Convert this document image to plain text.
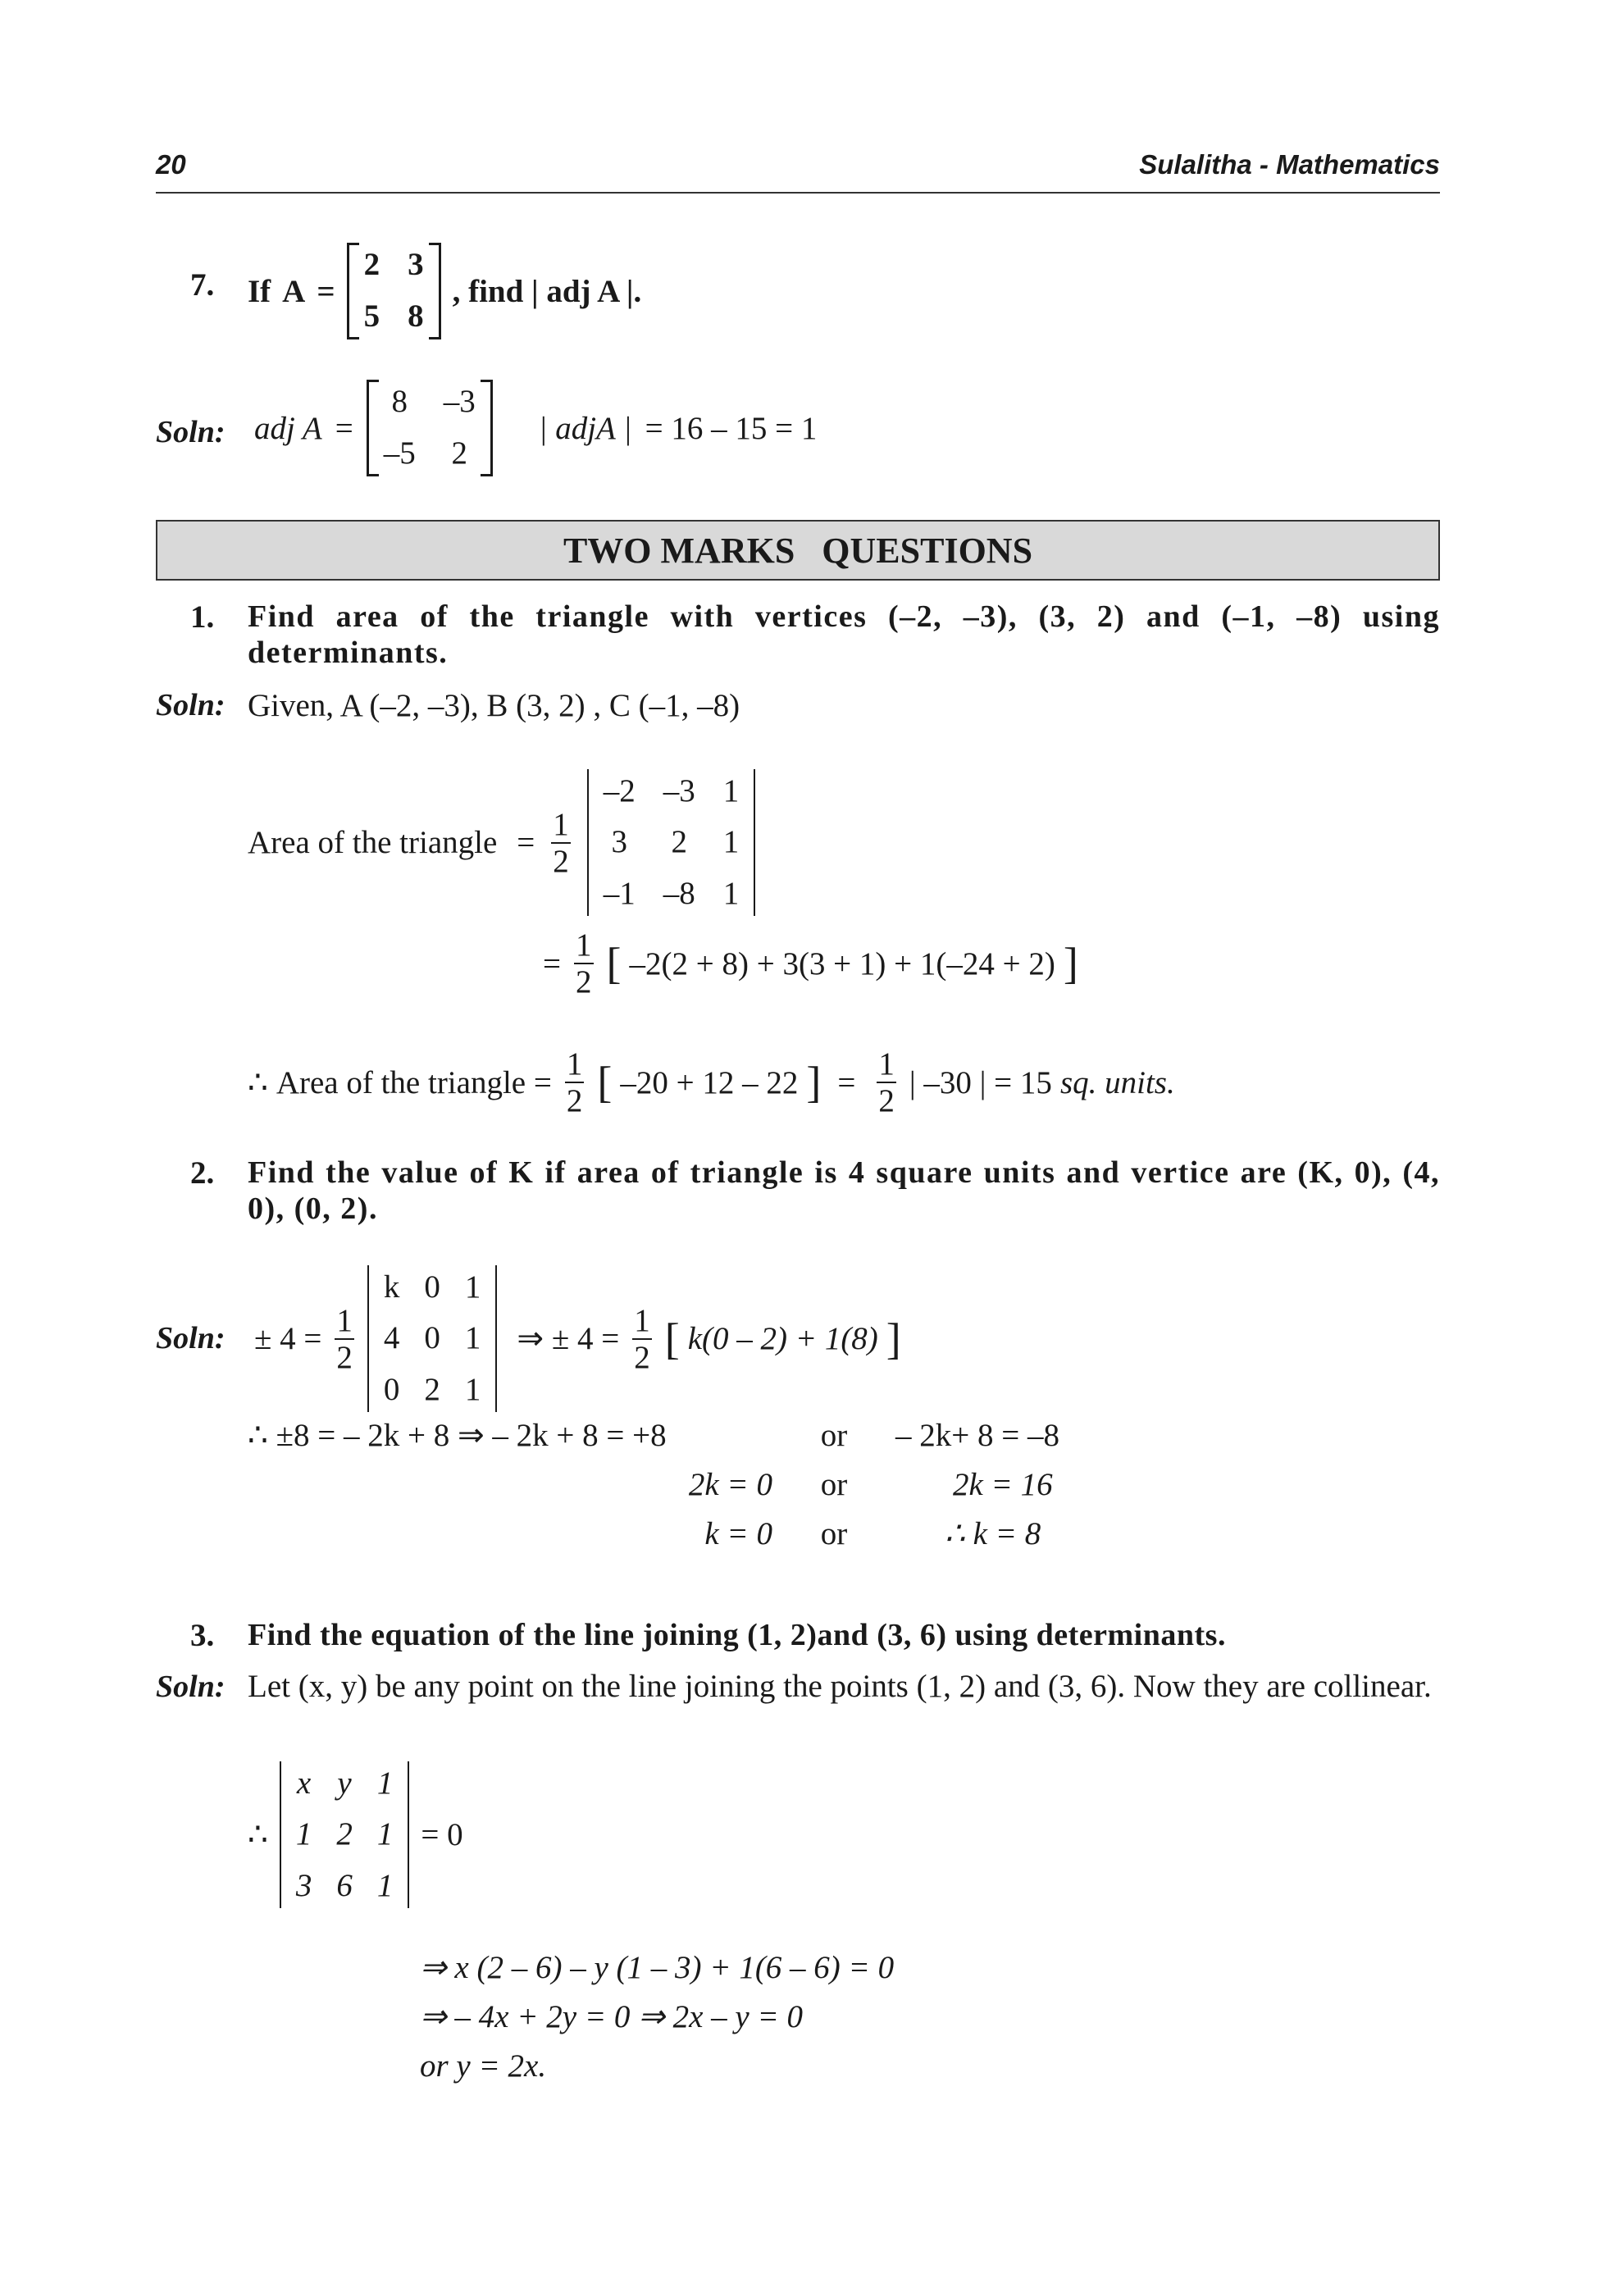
20	Sulalitha - Mathematics
7. If A =
2 3
5 8
, find | adj A |.
Soln: adj A =
8 –3
–5 2
| adjA | = 16 – 15 = 1
TWO MARKS   QUESTIONS
1. Find area of the triangle with vertices (–2, –3), (3, 2) and (–1, –8) using determinants.
Soln: Given, A (–2, –3), B (3, 2) , C (–1, –8)
Area of the triangle = $\frac{1}{2}$
–2 –3 1
3 2 1
–1 –8 1
= $\frac{1}{2}$ [ –2(2 + 8) + 3(3 + 1) + 1(–24 + 2) ]
∴ Area of the triangle = $\frac{1}{2}$ [ –20 + 12 – 22 ] = $\frac{1}{2}$ | –30 | = 15 sq. units.
2. Find the value of K if area of triangle is 4 square units and vertice are (K, 0), (4, 0), (0, 2).
Soln: ± $4 = \frac{1}{2}$
k 0 1
4 0 1
0 2 1
⇒ ± $4 = \frac{1}{2}$ [ k(0 – 2) + 1(8) ]
∴ ±8 = – 2k + 8 ⇒ – 2k + 8 = +8	or	– 2k+ 8 = –8
2k = 0	or	2k = 16
k = 0	or	∴ k = 8
3. Find the equation of the line joining (1, 2)and (3, 6) using determinants.
Soln: Let (x, y) be any point on the line joining the points (1, 2) and (3, 6). Now they are collinear.
∴
x y 1
1 2 1
3 6 1
= 0
⇒ x (2 – 6) – y (1 – 3) + 1(6 – 6) = 0
⇒ – 4x + 2y = 0 ⇒ 2x – y = 0
or y = 2x.
